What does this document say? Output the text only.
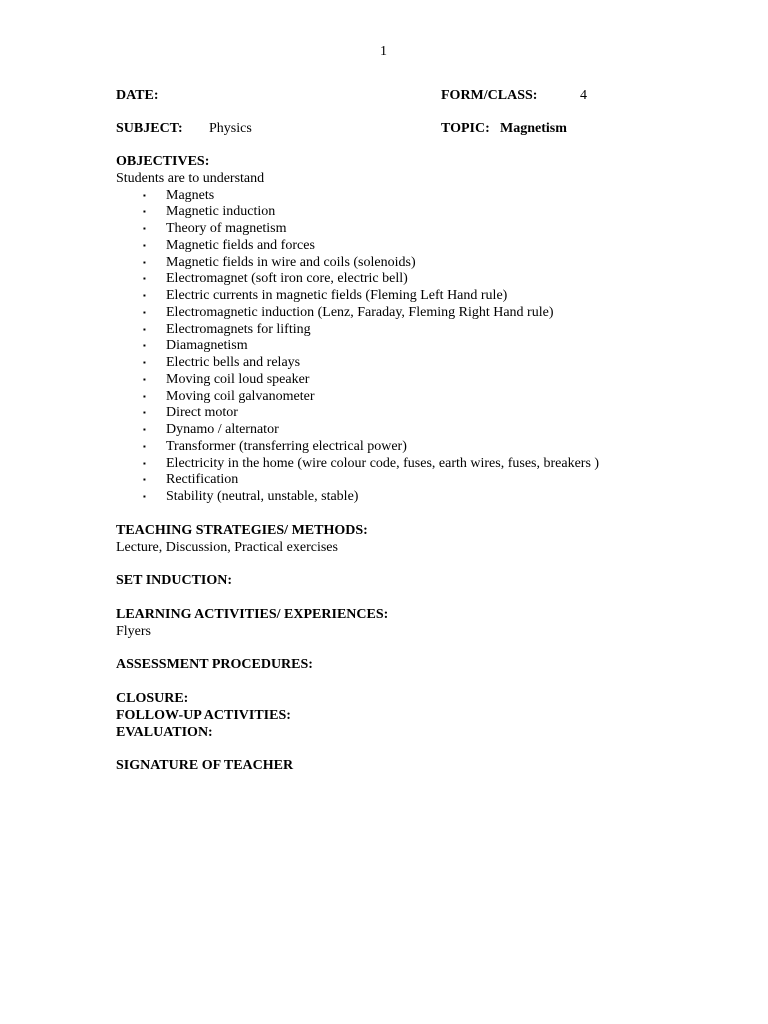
1
DATE:	FORM/CLASS:	4
SUBJECT: Physics	TOPIC: Magnetism
OBJECTIVES:
Students are to understand
▪ Magnets
▪ Magnetic induction
▪ Theory of magnetism
▪ Magnetic fields and forces
▪ Magnetic fields in wire and coils (solenoids)
▪ Electromagnet (soft iron core, electric bell)
▪ Electric currents in magnetic fields (Fleming Left Hand rule)
▪ Electromagnetic induction (Lenz, Faraday, Fleming Right Hand rule)
▪ Electromagnets for lifting
▪ Diamagnetism
▪ Electric bells and relays
▪ Moving coil loud speaker
▪ Moving coil galvanometer
▪ Direct motor
▪ Dynamo / alternator
▪ Transformer (transferring electrical power)
▪ Electricity in the home (wire colour code, fuses, earth wires, fuses, breakers )
▪ Rectification
▪ Stability (neutral, unstable, stable)
TEACHING STRATEGIES/ METHODS:
Lecture, Discussion, Practical exercises
SET INDUCTION:
LEARNING ACTIVITIES/ EXPERIENCES:
Flyers
ASSESSMENT PROCEDURES:
CLOSURE:
FOLLOW-UP ACTIVITIES:
EVALUATION:
SIGNATURE OF TEACHER
